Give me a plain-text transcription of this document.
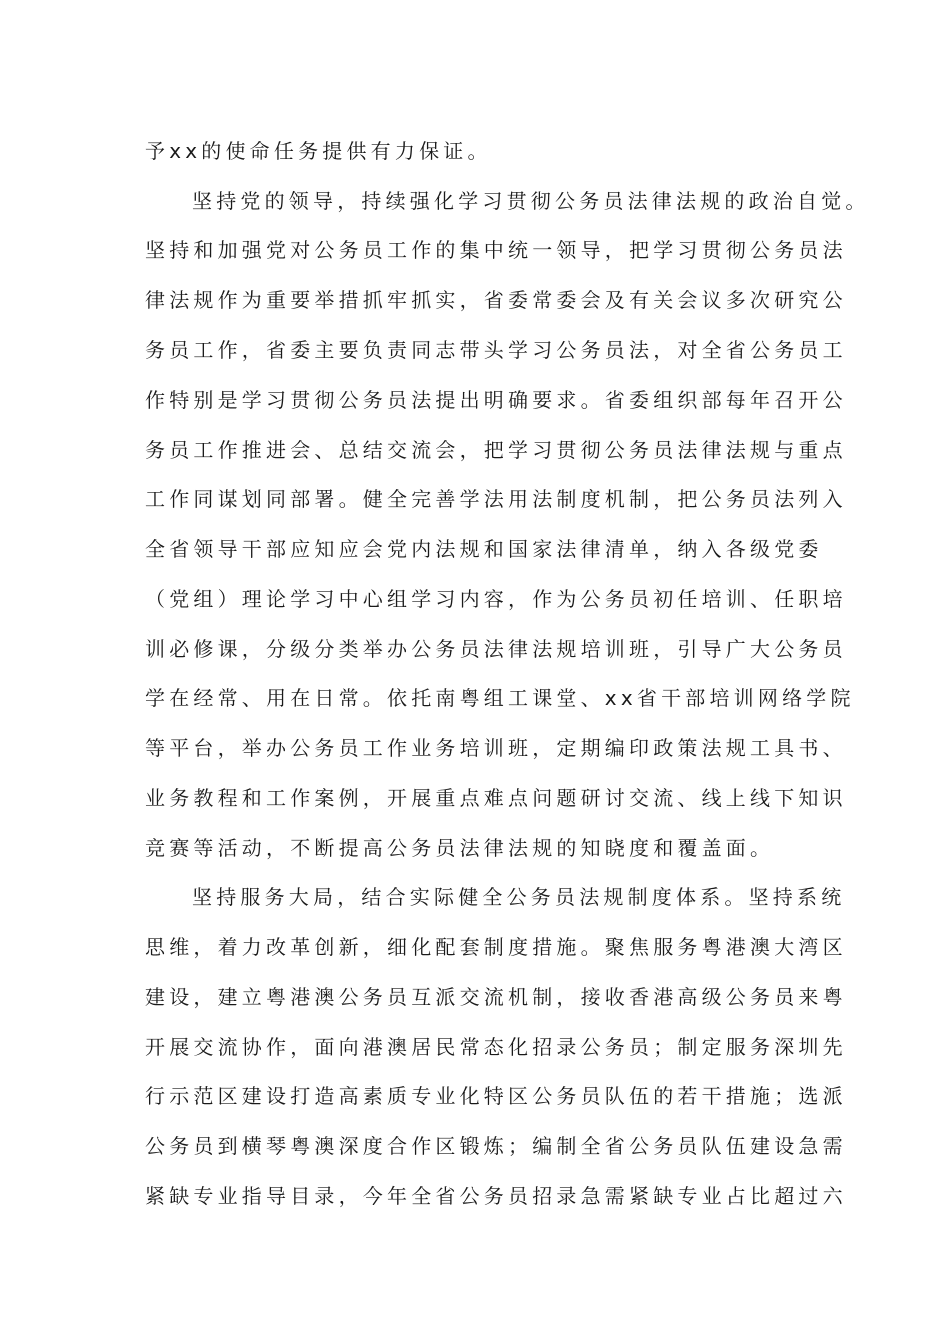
予xx的使命任务提供有力保证。
坚持党的领导，持续强化学习贯彻公务员法律法规的政治自觉。
坚持和加强党对公务员工作的集中统一领导，把学习贯彻公务员法
律法规作为重要举措抓牢抓实，省委常委会及有关会议多次研究公
务员工作，省委主要负责同志带头学习公务员法，对全省公务员工
作特别是学习贯彻公务员法提出明确要求。省委组织部每年召开公
务员工作推进会、总结交流会，把学习贯彻公务员法律法规与重点
工作同谋划同部署。健全完善学法用法制度机制，把公务员法列入
全省领导干部应知应会党内法规和国家法律清单，纳入各级党委
（党组）理论学习中心组学习内容，作为公务员初任培训、任职培
训必修课，分级分类举办公务员法律法规培训班，引导广大公务员
学在经常、用在日常。依托南粤组工课堂、xx省干部培训网络学院
等平台，举办公务员工作业务培训班，定期编印政策法规工具书、
业务教程和工作案例，开展重点难点问题研讨交流、线上线下知识
竞赛等活动，不断提高公务员法律法规的知晓度和覆盖面。
坚持服务大局，结合实际健全公务员法规制度体系。坚持系统
思维，着力改革创新，细化配套制度措施。聚焦服务粤港澳大湾区
建设，建立粤港澳公务员互派交流机制，接收香港高级公务员来粤
开展交流协作，面向港澳居民常态化招录公务员；制定服务深圳先
行示范区建设打造高素质专业化特区公务员队伍的若干措施；选派
公务员到横琴粤澳深度合作区锻炼；编制全省公务员队伍建设急需
紧缺专业指导目录，今年全省公务员招录急需紧缺专业占比超过六
